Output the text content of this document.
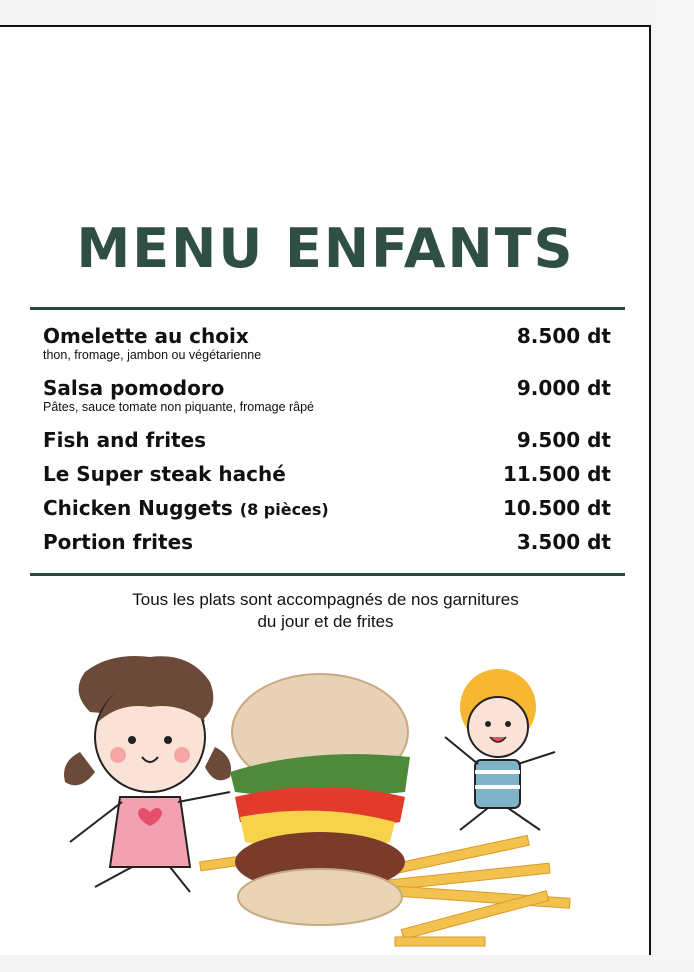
MENU ENFANTS
Omelette au choix	8.500 dt
thon, fromage, jambon ou végétarienne
Salsa pomodoro	9.000 dt
Pâtes, sauce tomate non piquante, fromage râpé
Fish and frites	9.500 dt
Le Super steak haché	11.500 dt
Chicken Nuggets (8 pièces)	10.500 dt
Portion frites	3.500 dt
Tous les plats sont accompagnés de nos garnitures
du jour et de frites
